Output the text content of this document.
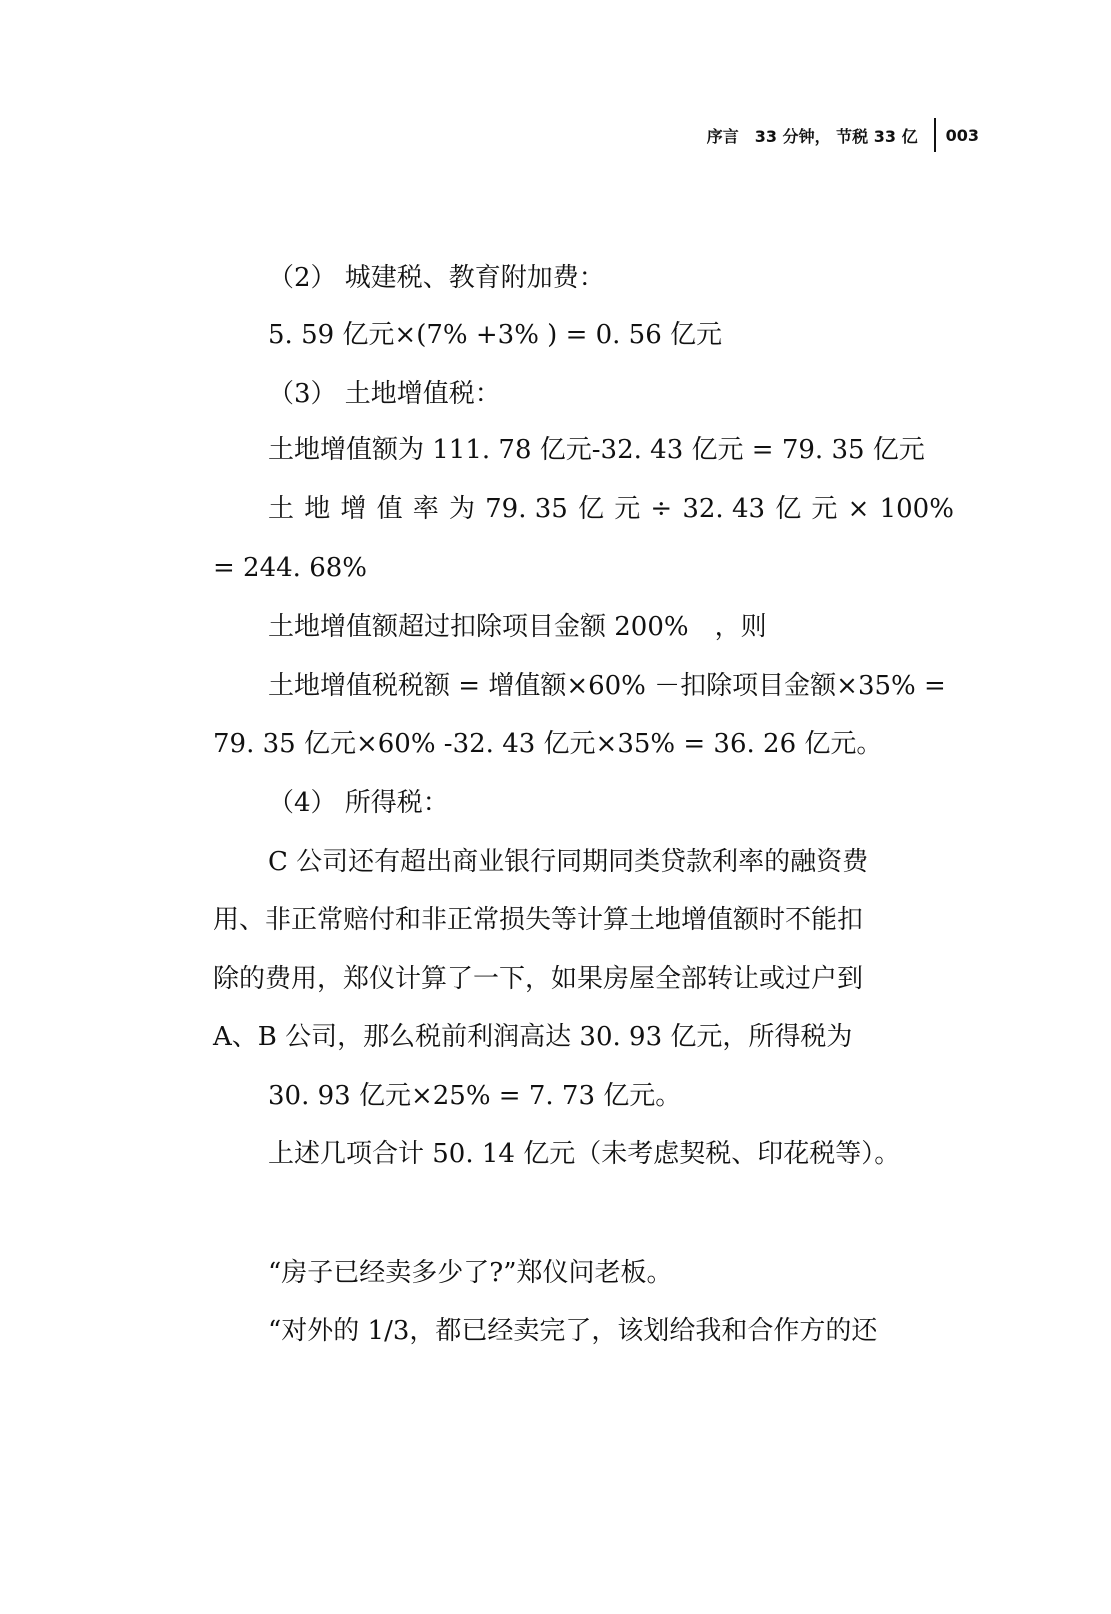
序言　33 分钟， 节税 33 亿 003
（2） 城建税、教育附加费：
5. 59 亿元×(7% +3% ) = 0. 56 亿元
（3） 土地增值税：
土地增值额为 111. 78 亿元-32. 43 亿元 = 79. 35 亿元
土 地 增 值 率 为 79. 35 亿 元 ÷ 32. 43 亿 元 × 100%
= 244. 68%
土地增值额超过扣除项目金额 200%　，则
土地增值税税额 = 增值额×60% －扣除项目金额×35% =
79. 35 亿元×60% -32. 43 亿元×35% = 36. 26 亿元。
（4） 所得税：
C 公司还有超出商业银行同期同类贷款利率的融资费
用、非正常赔付和非正常损失等计算土地增值额时不能扣
除的费用，郑仪计算了一下，如果房屋全部转让或过户到
A、B 公司，那么税前利润高达 30. 93 亿元，所得税为
30. 93 亿元×25% = 7. 73 亿元。
上述几项合计 50. 14 亿元（未考虑契税、印花税等）。
“房子已经卖多少了?”郑仪问老板。
“对外的 1/3，都已经卖完了，该划给我和合作方的还
